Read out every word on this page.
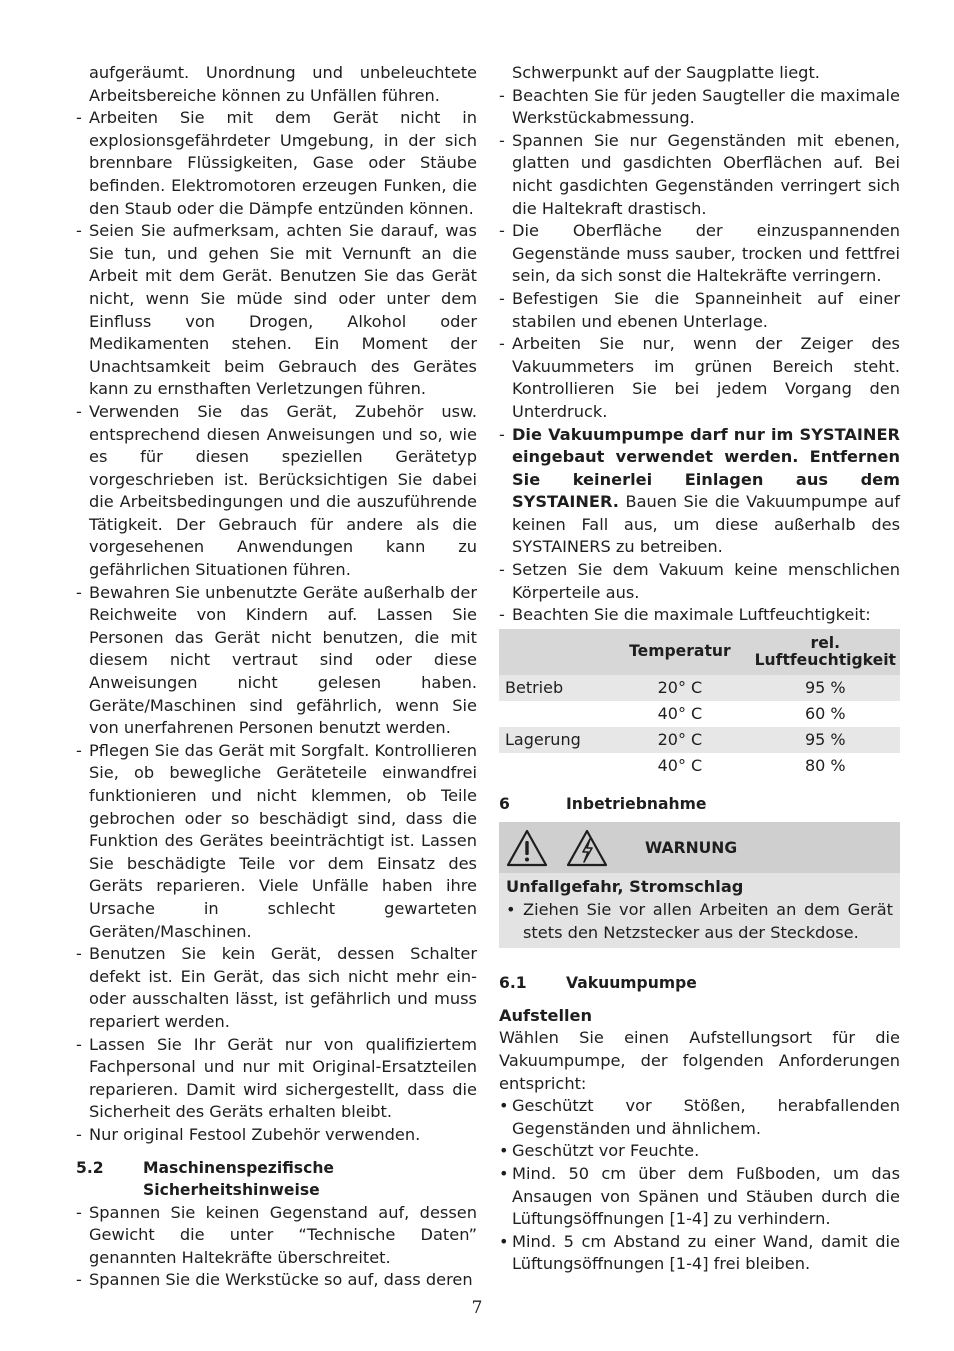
aufgeräumt. Unordnung und unbeleuchtete Arbeitsbereiche können zu Unfällen führen.

- Arbeiten Sie mit dem Gerät nicht in explosionsgefährdeter Umgebung, in der sich brennbare Flüssigkeiten, Gase oder Stäube befinden. Elektromotoren erzeugen Funken, die den Staub oder die Dämpfe entzünden können.
- Seien Sie aufmerksam, achten Sie darauf, was Sie tun, und gehen Sie mit Vernunft an die Arbeit mit dem Gerät. Benutzen Sie das Gerät nicht, wenn Sie müde sind oder unter dem Einfluss von Drogen, Alkohol oder Medikamenten stehen. Ein Moment der Unachtsamkeit beim Gebrauch des Gerätes kann zu ernsthaften Verletzungen führen.
- Verwenden Sie das Gerät, Zubehör usw. entsprechend diesen Anweisungen und so, wie es für diesen speziellen Gerätetyp vorgeschrieben ist. Berücksichtigen Sie dabei die Arbeitsbedingungen und die auszuführende Tätigkeit. Der Gebrauch für andere als die vorgesehenen Anwendungen kann zu gefährlichen Situationen führen.
- Bewahren Sie unbenutzte Geräte außerhalb der Reichweite von Kindern auf. Lassen Sie Personen das Gerät nicht benutzen, die mit diesem nicht vertraut sind oder diese Anweisungen nicht gelesen haben. Geräte/Maschinen sind gefährlich, wenn Sie von unerfahrenen Personen benutzt werden.
- Pflegen Sie das Gerät mit Sorgfalt. Kontrollieren Sie, ob bewegliche Geräteteile einwandfrei funktionieren und nicht klemmen, ob Teile gebrochen oder so beschädigt sind, dass die Funktion des Gerätes beeinträchtigt ist. Lassen Sie beschädigte Teile vor dem Einsatz des Geräts reparieren. Viele Unfälle haben ihre Ursache in schlecht gewarteten Geräten/Maschinen.
- Benutzen Sie kein Gerät, dessen Schalter defekt ist. Ein Gerät, das sich nicht mehr ein- oder ausschalten lässt, ist gefährlich und muss repariert werden.
- Lassen Sie Ihr Gerät nur von qualifiziertem Fachpersonal und nur mit Original-Ersatzteilen reparieren. Damit wird sichergestellt, dass die Sicherheit des Geräts erhalten bleibt.
- Nur original Festool Zubehör verwenden.
5.2	Maschinenspezifische Sicherheitshinweise
- Spannen Sie keinen Gegenstand auf, dessen Gewicht die unter “Technische Daten” genannten Haltekräfte überschreitet.
- Spannen Sie die Werkstücke so auf, dass deren

Schwerpunkt auf der Saugplatte liegt.

- Beachten Sie für jeden Saugteller die maximale Werkstückabmessung.
- Spannen Sie nur Gegenständen mit ebenen, glatten und gasdichten Oberflächen auf. Bei nicht gasdichten Gegenständen verringert sich die Haltekraft drastisch.
- Die Oberfläche der einzuspannenden Gegenstände muss sauber, trocken und fettfrei sein, da sich sonst die Haltekräfte verringern.
- Befestigen Sie die Spanneinheit auf einer stabilen und ebenen Unterlage.
- Arbeiten Sie nur, wenn der Zeiger des Vakuummeters im grünen Bereich steht. Kontrollieren Sie bei jedem Vorgang den Unterdruck.
- Die Vakuumpumpe darf nur im SYSTAINER eingebaut verwendet werden. Entfernen Sie keinerlei Einlagen aus dem SYSTAINER. Bauen Sie die Vakuumpumpe auf keinen Fall aus, um diese außerhalb des SYSTAINERS zu betreiben.
- Setzen Sie dem Vakuum keine menschlichen Körperteile aus.
- Beachten Sie die maximale Luftfeuchtigkeit:
	Temperatur	rel. Luftfeuchtigkeit
Betrieb	20° C	95 %
	40° C	60 %
Lagerung	20° C	95 %
	40° C	80 %
6	Inbetriebnahme
WARNUNG
Unfallgefahr, Stromschlag
• Ziehen Sie vor allen Arbeiten an dem Gerät stets den Netzstecker aus der Steckdose.
6.1	Vakuumpumpe
Aufstellen

Wählen Sie einen Aufstellungsort für die Vakuumpumpe, der folgenden Anforderungen entspricht:

• Geschützt vor Stößen, herabfallenden Gegenständen und ähnlichem.
• Geschützt vor Feuchte.
• Mind. 50 cm über dem Fußboden, um das Ansaugen von Spänen und Stäuben durch die Lüftungsöffnungen [1-4] zu verhindern.
• Mind. 5 cm Abstand zu einer Wand, damit die Lüftungsöffnungen [1-4] frei bleiben.
7
